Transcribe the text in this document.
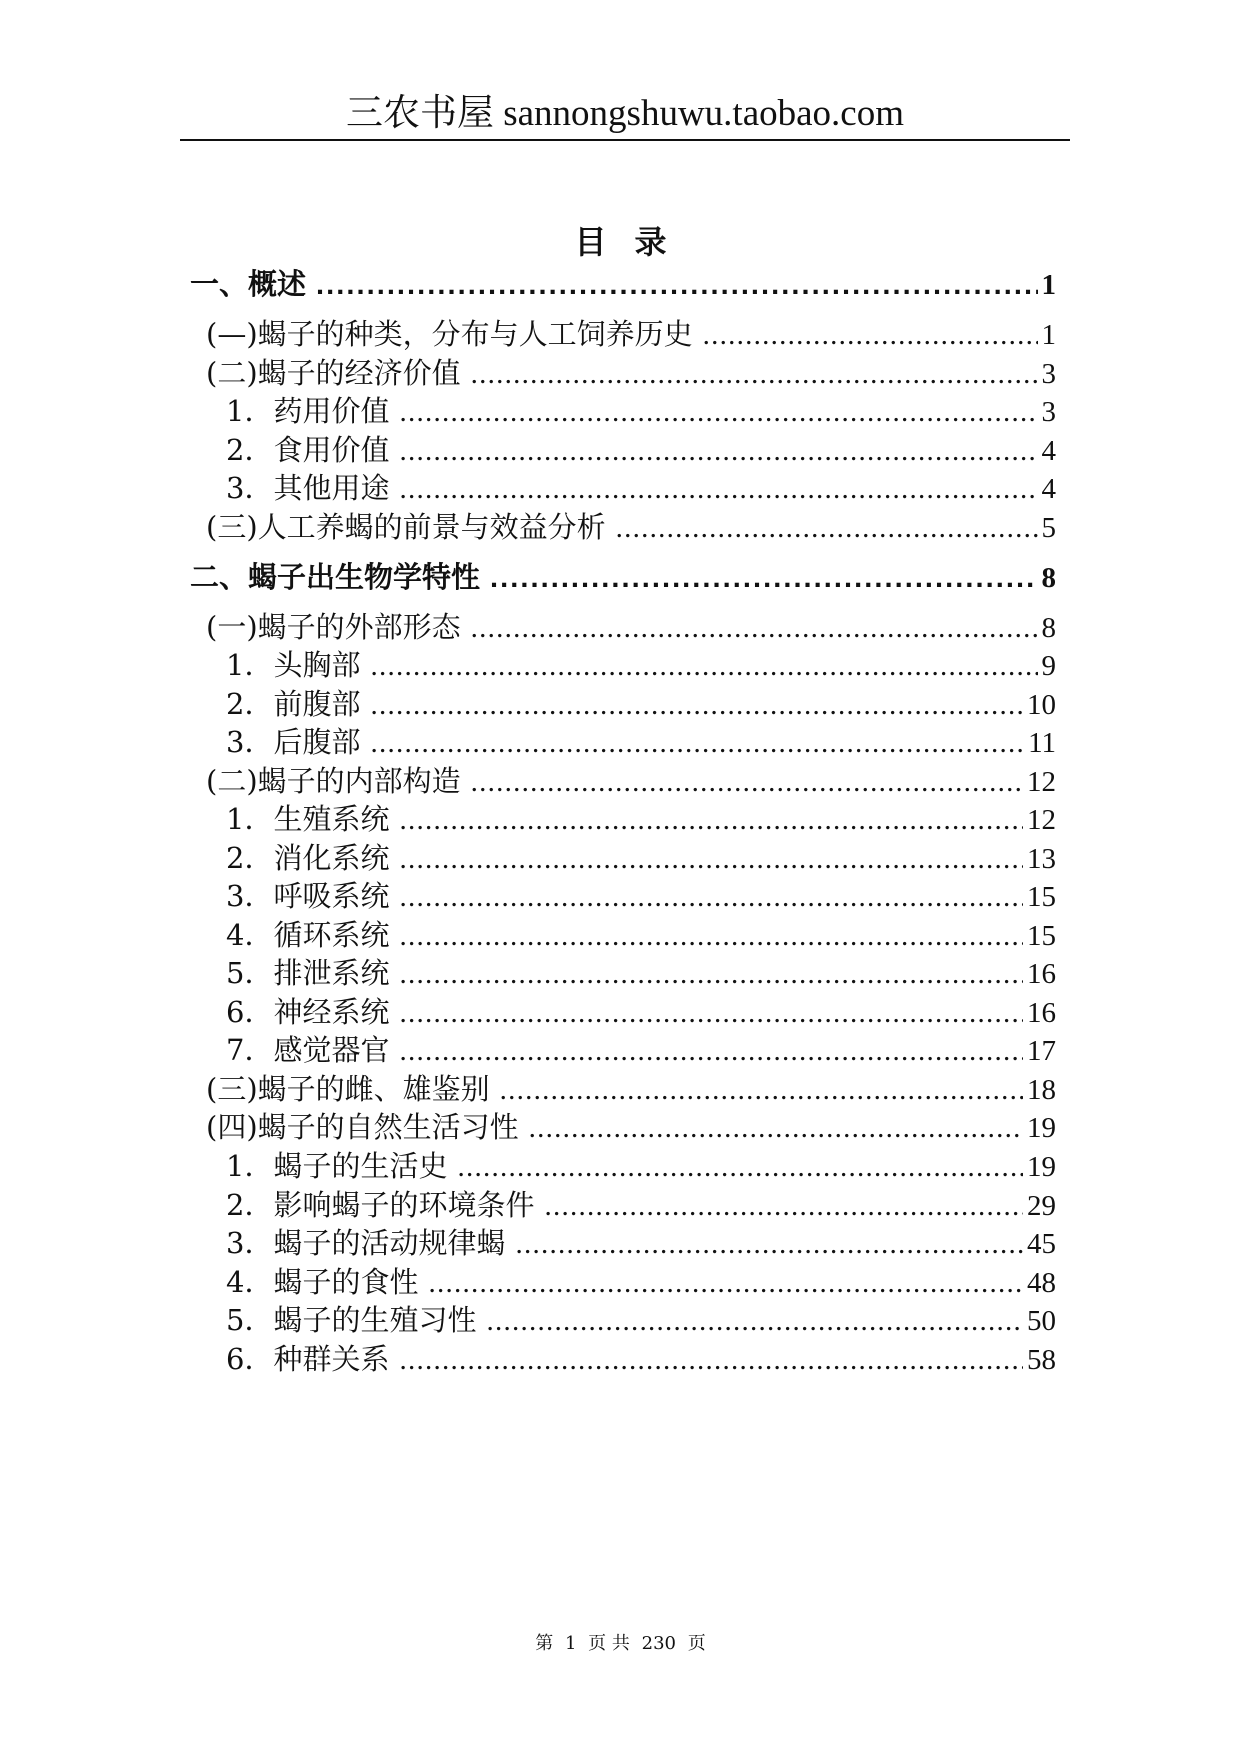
三农书屋 sannongshuwu.taobao.com
目录
一、概述 . . .	1
(—)蝎子的种类，分布与人工饲养历史 . . .	1
(二)蝎子的经济价值 . . .	3
1．药用价值 . . .	3
2．食用价值 . . .	4
3．其他用途 . . .	4
(三)人工养蝎的前景与效益分析 . . .	5
二、蝎子出生物学特性 . . .	8
(一)蝎子的外部形态 . . .	8
1．头胸部 . . .	9
2．前腹部 . . .	10
3．后腹部 . . .	11
(二)蝎子的内部构造 . . .	12
1．生殖系统 . . .	12
2．消化系统 . . .	13
3．呼吸系统 . . .	15
4．循环系统 . . .	15
5．排泄系统 . . .	16
6．神经系统 . . .	16
7．感觉器官 . . .	17
(三)蝎子的雌、雄鉴别 . . .	18
(四)蝎子的自然生活习性 . . .	19
1．蝎子的生活史 . . .	19
2．影响蝎子的环境条件 . . .	29
3．蝎子的活动规律蝎 . . .	45
4．蝎子的食性 . . .	48
5．蝎子的生殖习性 . . .	50
6．种群关系 . . .	58
第 1 页 共 230 页
